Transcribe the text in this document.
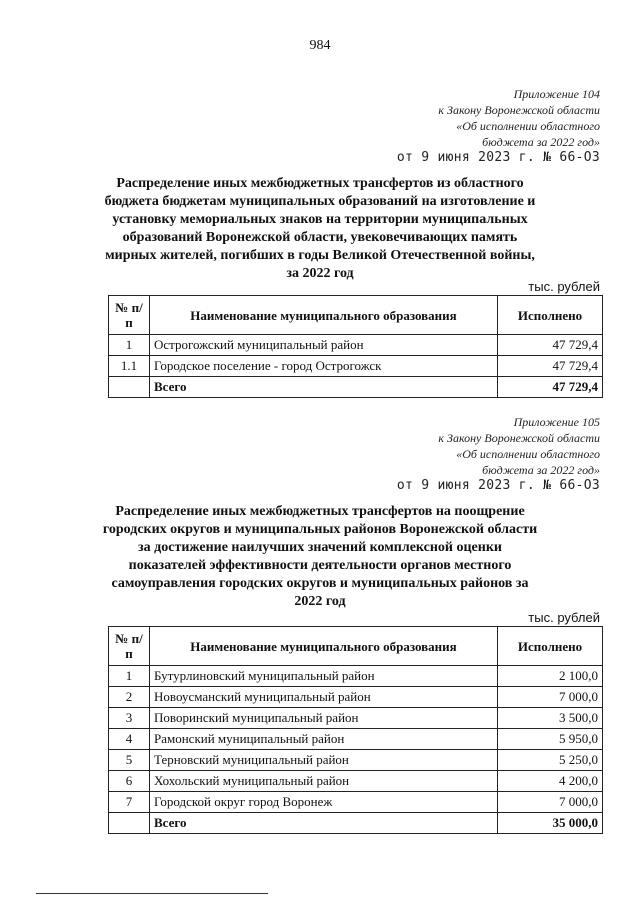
984
Приложение 104
к Закону Воронежской области
«Об исполнении областного
бюджета за 2022 год»
от 9 июня 2023 г. № 66-ОЗ
Распределение иных межбюджетных трансфертов из областного бюджета бюджетам муниципальных образований на изготовление и установку мемориальных знаков на территории муниципальных образований Воронежской области, увековечивающих память мирных жителей, погибших в годы Великой Отечественной войны, за 2022 год
тыс. рублей
№ п/п	Наименование муниципального образования	Исполнено
1	Острогожский муниципальный район	47 729,4
1.1	Городское поселение - город Острогожск	47 729,4
	Всего	47 729,4
Приложение 105
к Закону Воронежской области
«Об исполнении областного
бюджета за 2022 год»
от 9 июня 2023 г. № 66-ОЗ
Распределение иных межбюджетных трансфертов на поощрение городских округов и муниципальных районов Воронежской области за достижение наилучших значений комплексной оценки показателей эффективности деятельности органов местного самоуправления городских округов и муниципальных районов за 2022 год
тыс. рублей
№ п/п	Наименование муниципального образования	Исполнено
1	Бутурлиновский муниципальный район	2 100,0
2	Новоусманский муниципальный район	7 000,0
3	Поворинский муниципальный район	3 500,0
4	Рамонский муниципальный район	5 950,0
5	Терновский муниципальный район	5 250,0
6	Хохольский муниципальный район	4 200,0
7	Городской округ город Воронеж	7 000,0
	Всего	35 000,0
